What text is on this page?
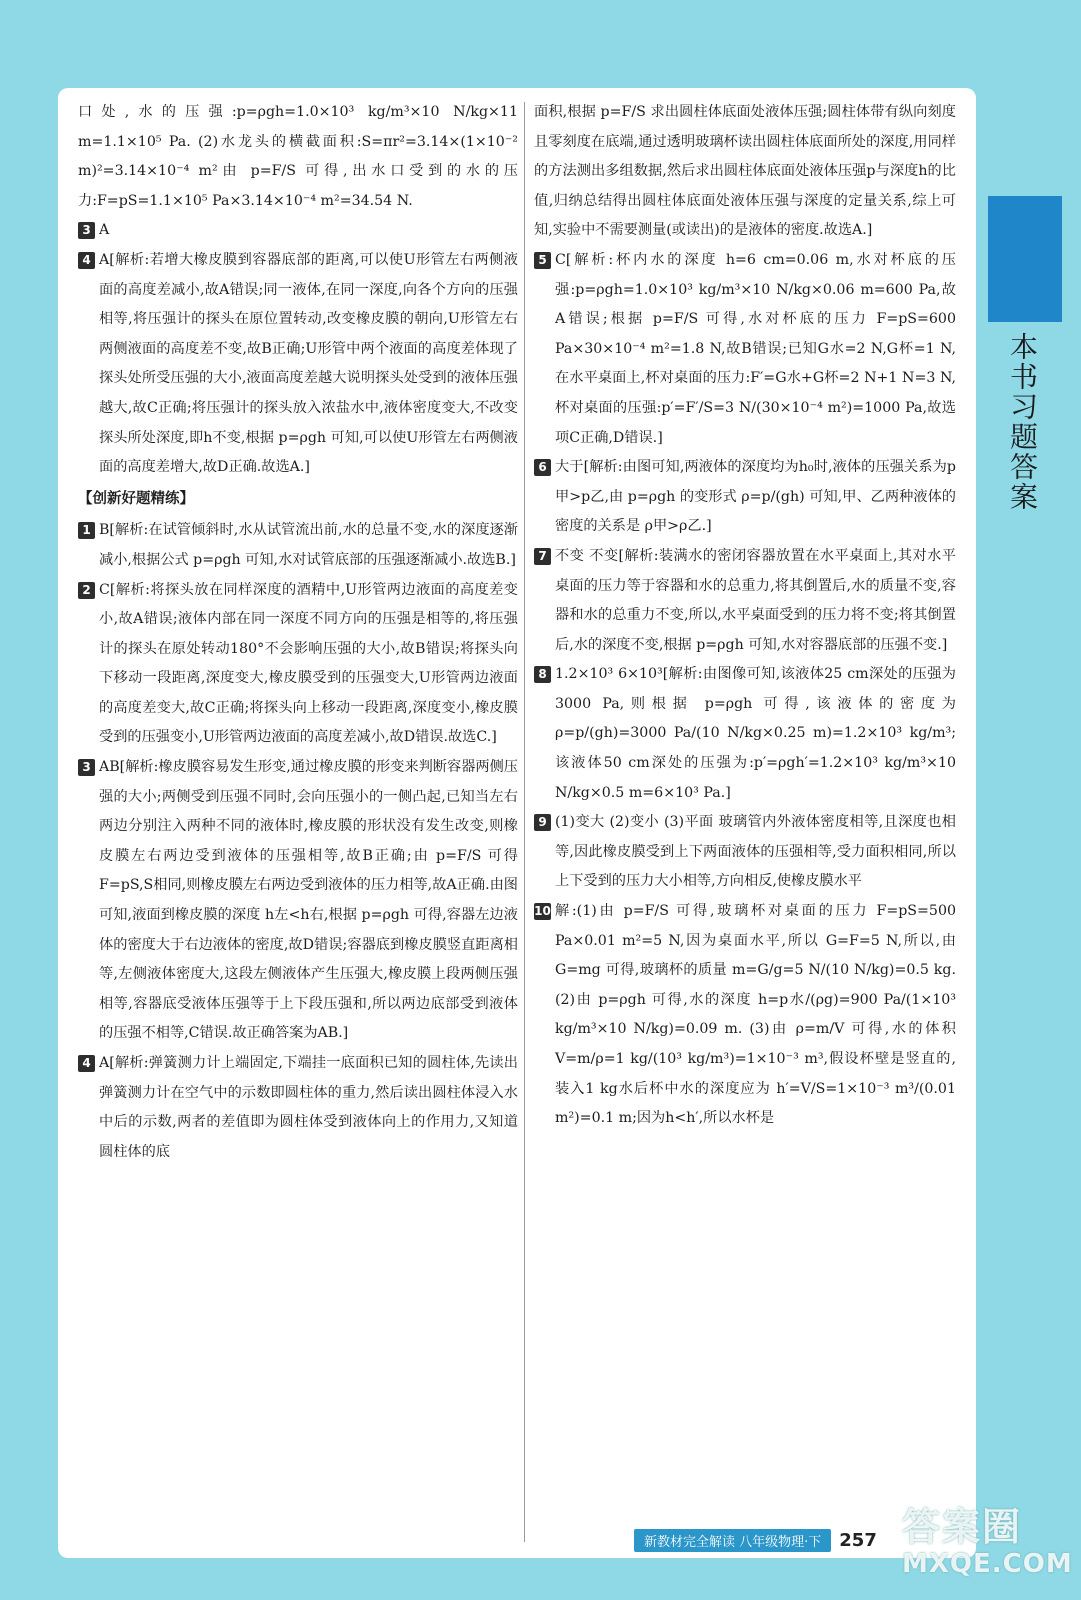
本书习题答案

口处,水的压强:p=ρgh=1.0×10³ kg/m³×10 N/kg×11 m=1.1×10⁵ Pa. (2)水龙头的横截面积:S=πr²=3.14×(1×10⁻² m)²=3.14×10⁻⁴ m²由 p=F/S 可得,出水口受到的水的压力:F=pS=1.1×10⁵ Pa×3.14×10⁻⁴ m²=34.54 N.

3 A
4 A[解析:若增大橡皮膜到容器底部的距离,可以使U形管左右两侧液面的高度差减小,故A错误;同一液体,在同一深度,向各个方向的压强相等,将压强计的探头在原位置转动,改变橡皮膜的朝向,U形管左右两侧液面的高度差不变,故B正确;U形管中两个液面的高度差体现了探头处所受压强的大小,液面高度差越大说明探头处受到的液体压强越大,故C正确;将压强计的探头放入浓盐水中,液体密度变大,不改变探头所处深度,即h不变,根据 p=ρgh 可知,可以使U形管左右两侧液面的高度差增大,故D正确.故选A.]
【创新好题精练】
1 B[解析:在试管倾斜时,水从试管流出前,水的总量不变,水的深度逐渐减小,根据公式 p=ρgh 可知,水对试管底部的压强逐渐减小.故选B.]
2 C[解析:将探头放在同样深度的酒精中,U形管两边液面的高度差变小,故A错误;液体内部在同一深度不同方向的压强是相等的,将压强计的探头在原处转动180°不会影响压强的大小,故B错误;将探头向下移动一段距离,深度变大,橡皮膜受到的压强变大,U形管两边液面的高度差变大,故C正确;将探头向上移动一段距离,深度变小,橡皮膜受到的压强变小,U形管两边液面的高度差减小,故D错误.故选C.]
3 AB[解析:橡皮膜容易发生形变,通过橡皮膜的形变来判断容器两侧压强的大小;两侧受到压强不同时,会向压强小的一侧凸起,已知当左右两边分别注入两种不同的液体时,橡皮膜的形状没有发生改变,则橡皮膜左右两边受到液体的压强相等,故B正确;由 p=F/S 可得 F=pS,S相同,则橡皮膜左右两边受到液体的压力相等,故A正确.由图可知,液面到橡皮膜的深度 h左<h右,根据 p=ρgh 可得,容器左边液体的密度大于右边液体的密度,故D错误;容器底到橡皮膜竖直距离相等,左侧液体密度大,这段左侧液体产生压强大,橡皮膜上段两侧压强相等,容器底受液体压强等于上下段压强和,所以两边底部受到液体的压强不相等,C错误.故正确答案为AB.]
4 A[解析:弹簧测力计上端固定,下端挂一底面积已知的圆柱体,先读出弹簧测力计在空气中的示数即圆柱体的重力,然后读出圆柱体浸入水中后的示数,两者的差值即为圆柱体受到液体向上的作用力,又知道圆柱体的底

面积,根据 p=F/S 求出圆柱体底面处液体压强;圆柱体带有纵向刻度且零刻度在底端,通过透明玻璃杯读出圆柱体底面所处的深度,用同样的方法测出多组数据,然后求出圆柱体底面处液体压强p与深度h的比值,归纳总结得出圆柱体底面处液体压强与深度的定量关系,综上可知,实验中不需要测量(或读出)的是液体的密度.故选A.]

5 C[解析:杯内水的深度 h=6 cm=0.06 m,水对杯底的压强:p=ρgh=1.0×10³ kg/m³×10 N/kg×0.06 m=600 Pa,故A错误;根据 p=F/S 可得,水对杯底的压力 F=pS=600 Pa×30×10⁻⁴ m²=1.8 N,故B错误;已知G水=2 N,G杯=1 N,在水平桌面上,杯对桌面的压力:F′=G水+G杯=2 N+1 N=3 N,杯对桌面的压强:p′=F′/S=3 N/(30×10⁻⁴ m²)=1000 Pa,故选项C正确,D错误.]
6 大于[解析:由图可知,两液体的深度均为h₀时,液体的压强关系为p甲>p乙,由 p=ρgh 的变形式 ρ=p/(gh) 可知,甲、乙两种液体的密度的关系是 ρ甲>ρ乙.]
7 不变 不变[解析:装满水的密闭容器放置在水平桌面上,其对水平桌面的压力等于容器和水的总重力,将其倒置后,水的质量不变,容器和水的总重力不变,所以,水平桌面受到的压力将不变;将其倒置后,水的深度不变,根据 p=ρgh 可知,水对容器底部的压强不变.]
8 1.2×10³ 6×10³[解析:由图像可知,该液体25 cm深处的压强为3000 Pa,则根据 p=ρgh 可得,该液体的密度为ρ=p/(gh)=3000 Pa/(10 N/kg×0.25 m)=1.2×10³ kg/m³;该液体50 cm深处的压强为:p′=ρgh′=1.2×10³ kg/m³×10 N/kg×0.5 m=6×10³ Pa.]
9 (1)变大 (2)变小 (3)平面 玻璃管内外液体密度相等,且深度也相等,因此橡皮膜受到上下两面液体的压强相等,受力面积相同,所以上下受到的压力大小相等,方向相反,使橡皮膜水平
10 解:(1)由 p=F/S 可得,玻璃杯对桌面的压力 F=pS=500 Pa×0.01 m²=5 N,因为桌面水平,所以 G=F=5 N,所以,由 G=mg 可得,玻璃杯的质量 m=G/g=5 N/(10 N/kg)=0.5 kg. (2)由 p=ρgh 可得,水的深度 h=p水/(ρg)=900 Pa/(1×10³ kg/m³×10 N/kg)=0.09 m. (3)由 ρ=m/V 可得,水的体积 V=m/ρ=1 kg/(10³ kg/m³)=1×10⁻³ m³,假设杯壁是竖直的,装入1 kg水后杯中水的深度应为 h′=V/S=1×10⁻³ m³/(0.01 m²)=0.1 m;因为h<h′,所以水杯是
新教材完全解读 八年级物理·下	257 答案圈
MXQE.COM
